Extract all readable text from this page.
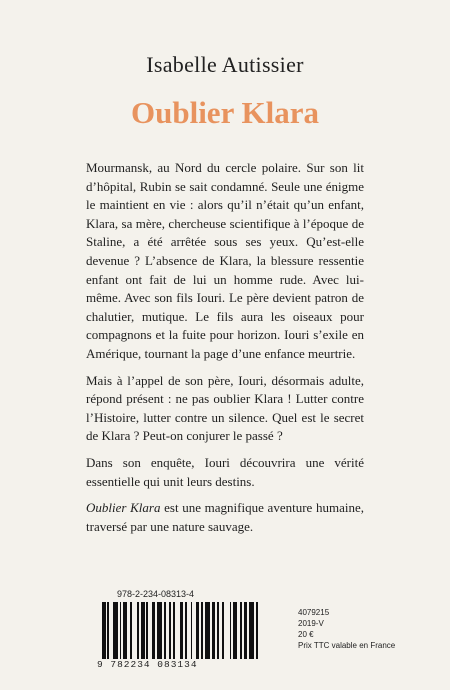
Isabelle Autissier
Oublier Klara

Mourmansk, au Nord du cercle polaire. Sur son lit d’hôpital, Rubin se sait condamné. Seule une énigme le maintient en vie : alors qu’il n’était qu’un enfant, Klara, sa mère, chercheuse scientifique à l’époque de Staline, a été arrêtée sous ses yeux. Qu’est-elle devenue ? L’absence de Klara, la blessure ressentie enfant ont fait de lui un homme rude. Avec lui-même. Avec son fils Iouri. Le père devient patron de chalutier, mutique. Le fils aura les oiseaux pour compagnons et la fuite pour horizon. Iouri s’exile en Amérique, tournant la page d’une enfance meurtrie.

Mais à l’appel de son père, Iouri, désormais adulte, répond présent : ne pas oublier Klara ! Lutter contre l’Histoire, lutter contre un silence. Quel est le secret de Klara ? Peut-on conjurer le passé ?

Dans son enquête, Iouri découvrira une vérité essentielle qui unit leurs destins.

Oublier Klara est une magnifique aventure humaine, traversé par une nature sauvage.

978-2-234-08313-4
9 782234 083134
4079215
2019-V
20 €
Prix TTC valable en France
